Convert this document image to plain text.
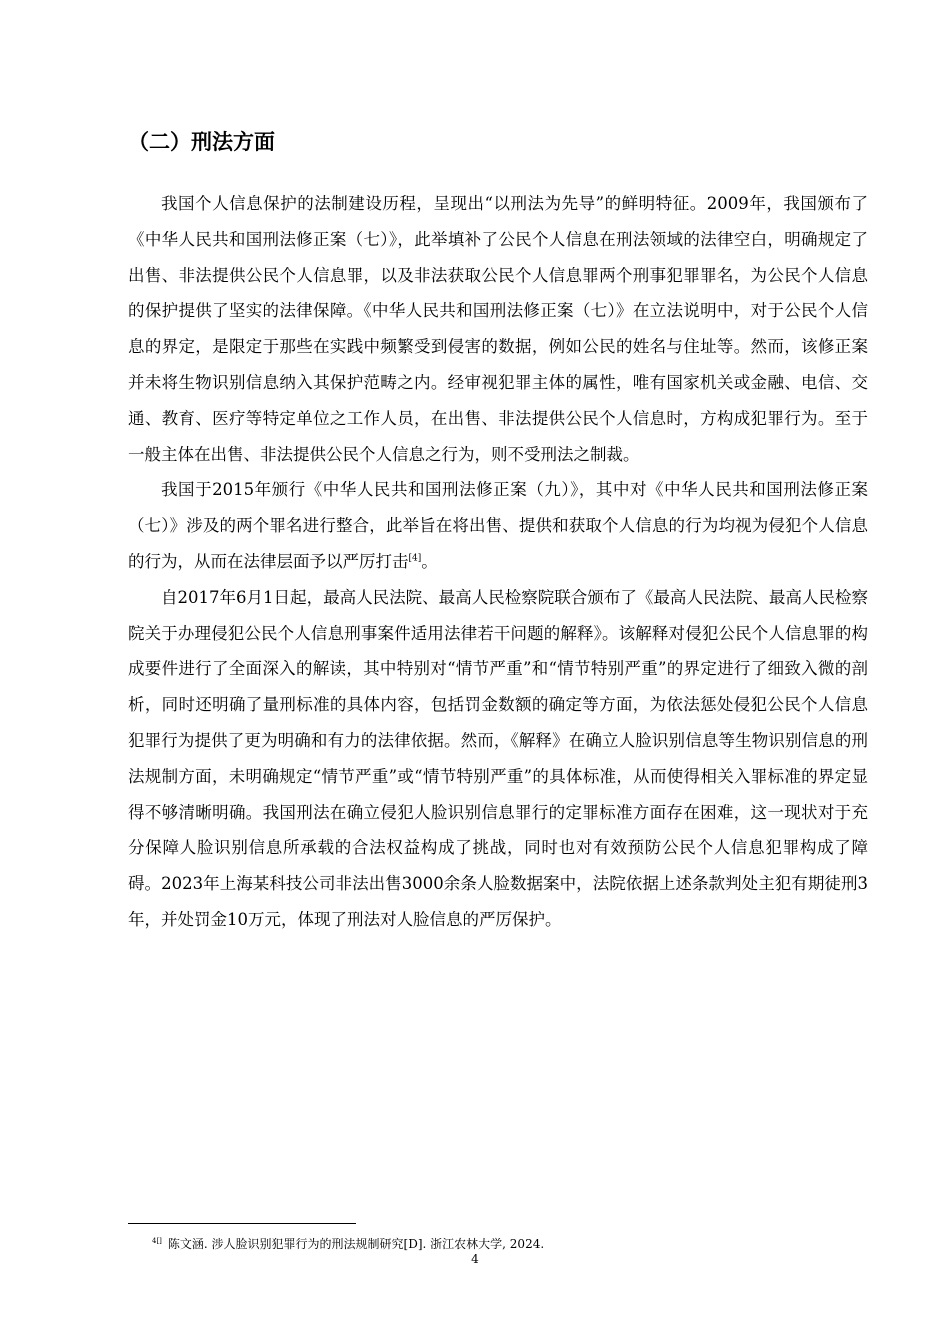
（二）刑法方面

我国个人信息保护的法制建设历程，呈现出“以刑法为先导”的鲜明特征。2009年，我国颁布了《中华人民共和国刑法修正案（七）》，此举填补了公民个人信息在刑法领域的法律空白，明确规定了出售、非法提供公民个人信息罪，以及非法获取公民个人信息罪两个刑事犯罪罪名，为公民个人信息的保护提供了坚实的法律保障。《中华人民共和国刑法修正案（七）》在立法说明中，对于公民个人信息的界定，是限定于那些在实践中频繁受到侵害的数据，例如公民的姓名与住址等。然而，该修正案并未将生物识别信息纳入其保护范畴之内。经审视犯罪主体的属性，唯有国家机关或金融、电信、交通、教育、医疗等特定单位之工作人员，在出售、非法提供公民个人信息时，方构成犯罪行为。至于一般主体在出售、非法提供公民个人信息之行为，则不受刑法之制裁。

我国于2015年颁行《中华人民共和国刑法修正案（九）》，其中对《中华人民共和国刑法修正案（七）》涉及的两个罪名进行整合，此举旨在将出售、提供和获取个人信息的行为均视为侵犯个人信息的行为，从而在法律层面予以严厉打击[4]。

自2017年6月1日起，最高人民法院、最高人民检察院联合颁布了《最高人民法院、最高人民检察院关于办理侵犯公民个人信息刑事案件适用法律若干问题的解释》。该解释对侵犯公民个人信息罪的构成要件进行了全面深入的解读，其中特别对“情节严重”和“情节特别严重”的界定进行了细致入微的剖析，同时还明确了量刑标准的具体内容，包括罚金数额的确定等方面，为依法惩处侵犯公民个人信息犯罪行为提供了更为明确和有力的法律依据。然而，《解释》在确立人脸识别信息等生物识别信息的刑法规制方面，未明确规定“情节严重”或“情节特别严重”的具体标准，从而使得相关入罪标准的界定显得不够清晰明确。我国刑法在确立侵犯人脸识别信息罪行的定罪标准方面存在困难，这一现状对于充分保障人脸识别信息所承载的合法权益构成了挑战，同时也对有效预防公民个人信息犯罪构成了障碍。2023年上海某科技公司非法出售3000余条人脸数据案中，法院依据上述条款判处主犯有期徒刑3年，并处罚金10万元，体现了刑法对人脸信息的严厉保护。

$^{4[]}$ 陈文涵. 涉人脸识别犯罪行为的刑法规制研究[D]. 浙江农林大学, 2024.
4
